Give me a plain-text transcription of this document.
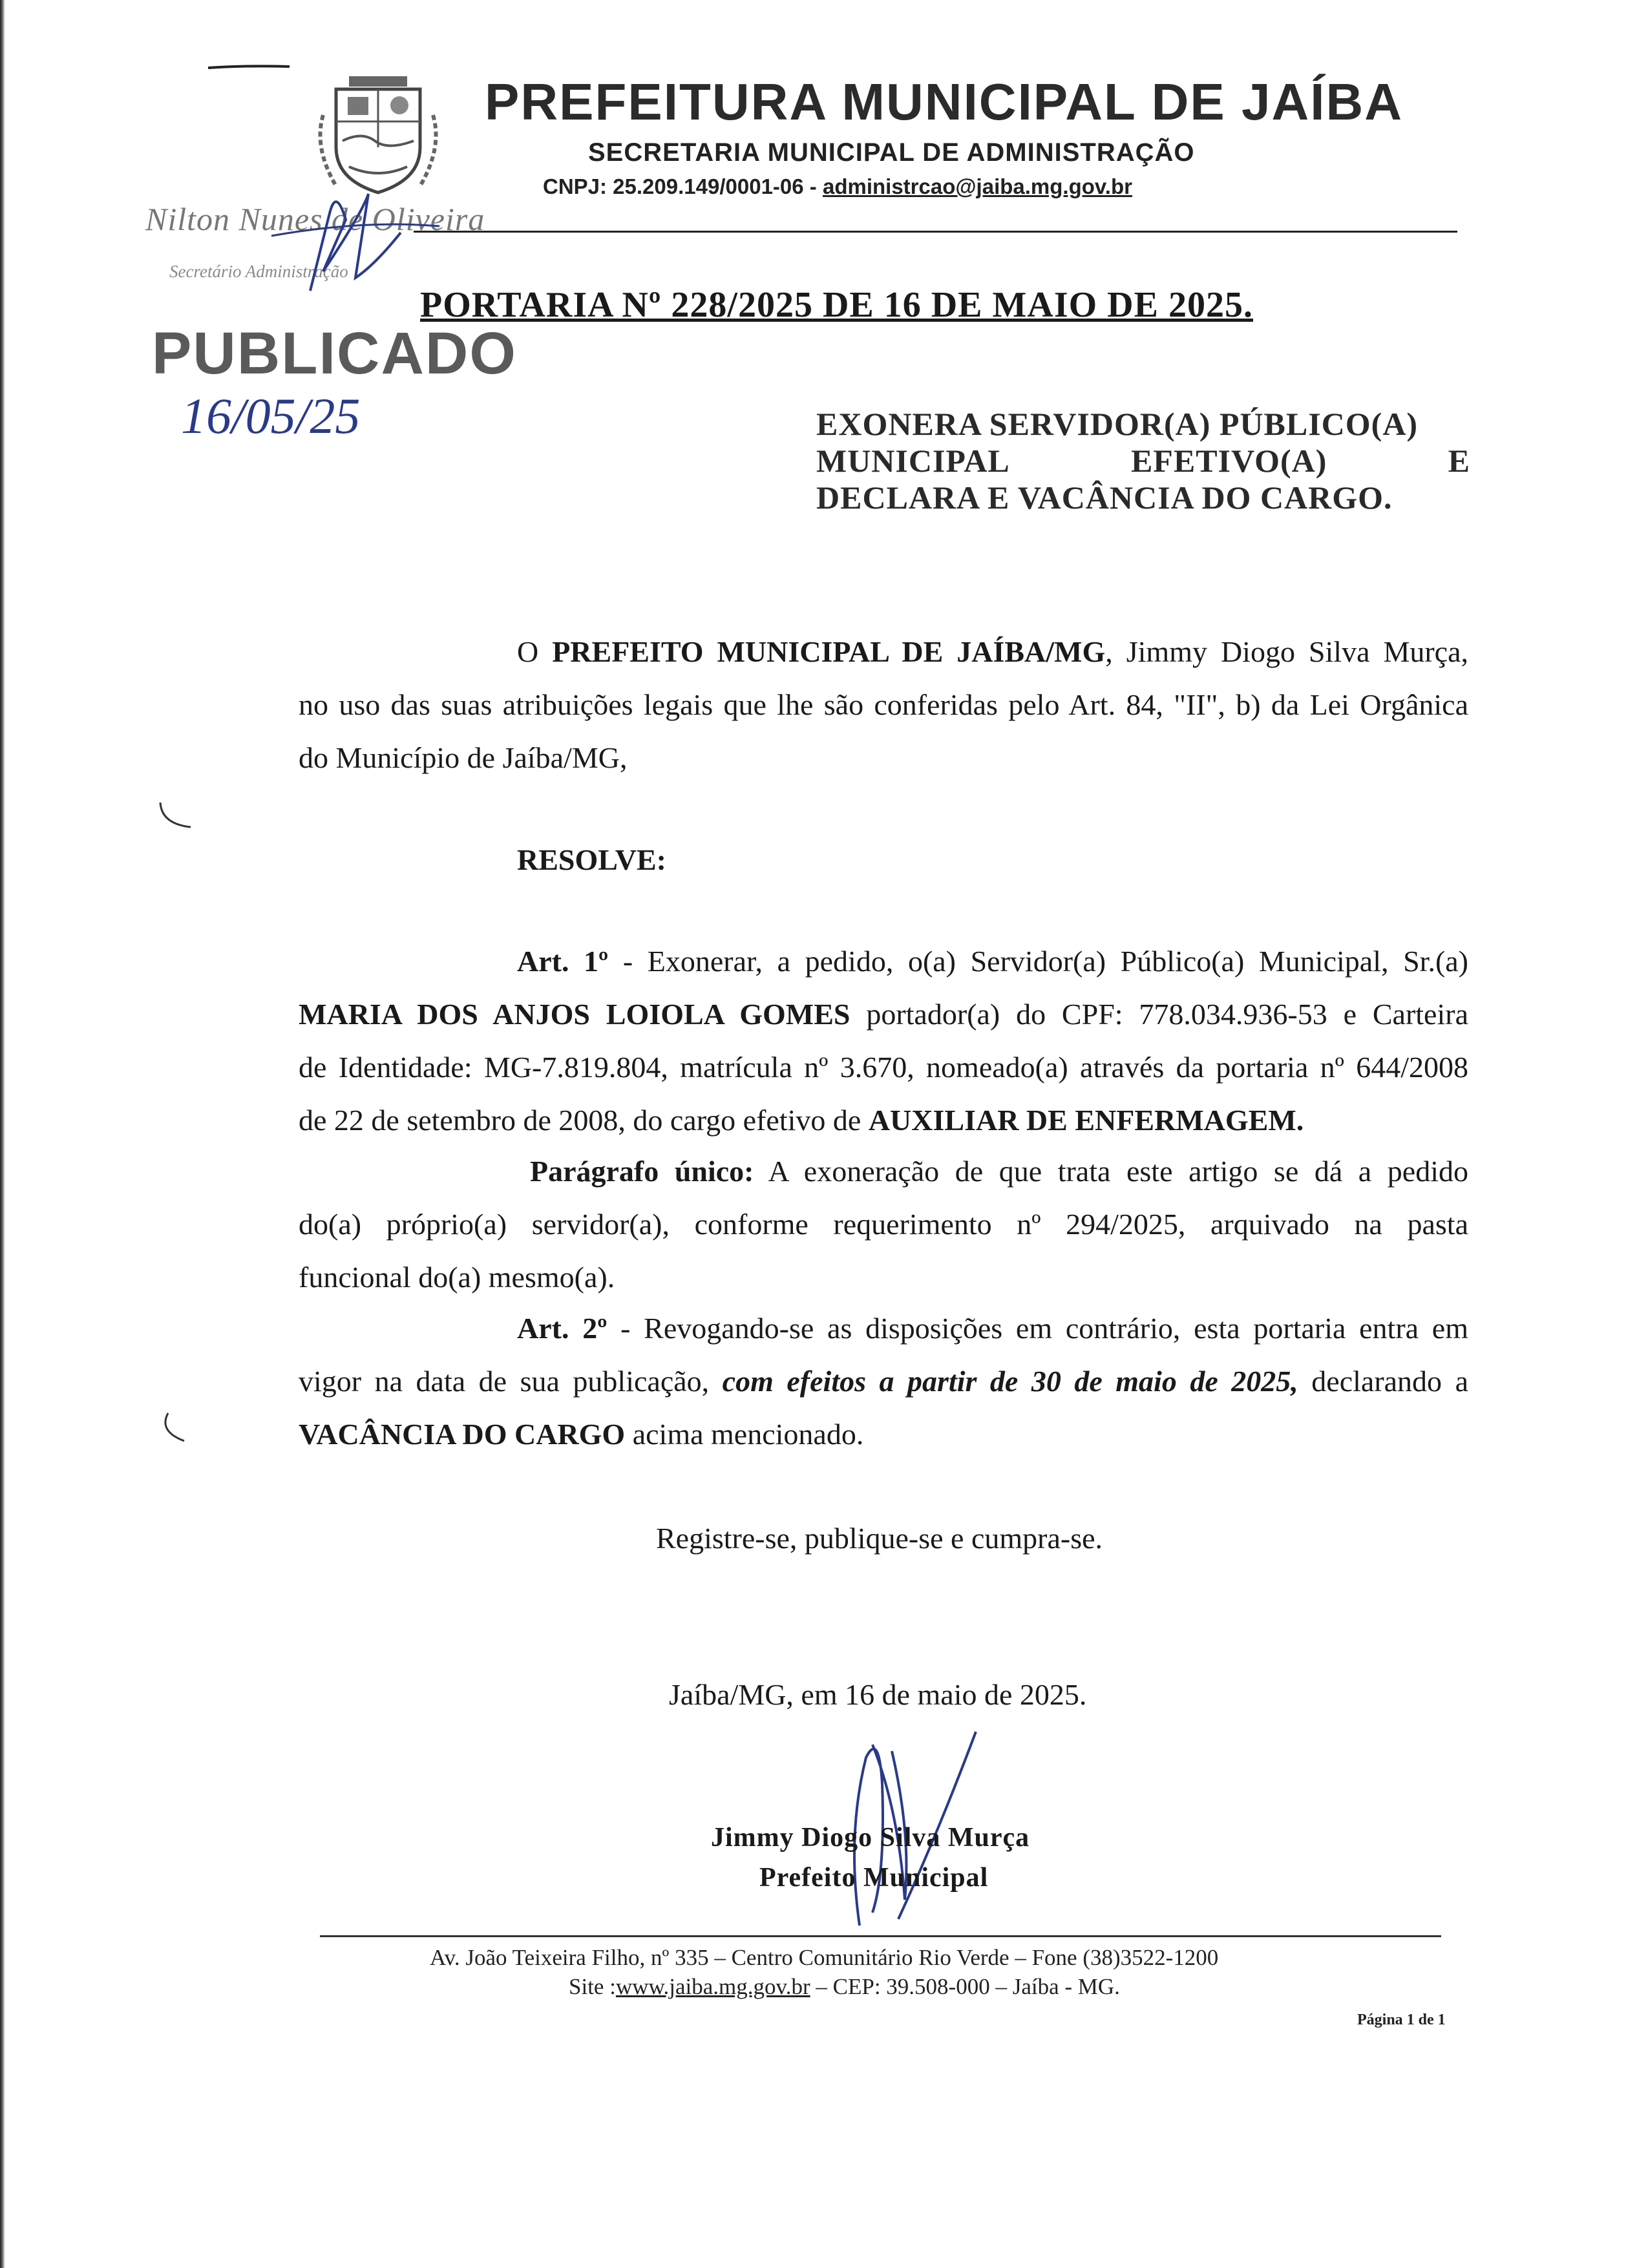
PREFEITURA MUNICIPAL DE JAÍBA
SECRETARIA MUNICIPAL DE ADMINISTRAÇÃO
CNPJ: 25.209.149/0001-06 - administrcao@jaiba.mg.gov.br
Nilton Nunes de Oliveira
Secretário Administração
PUBLICADO
16/05/25
PORTARIA Nº 228/2025 DE 16 DE MAIO DE 2025.
EXONERA SERVIDOR(A) PÚBLICO(A)
MUNICIPAL	EFETIVO(A)	E
DECLARA E VACÂNCIA DO CARGO.
O PREFEITO MUNICIPAL DE JAÍBA/MG, Jimmy Diogo Silva Murça,
no uso das suas atribuições legais que lhe são conferidas pelo Art. 84, "II", b) da Lei Orgânica
do Município de Jaíba/MG,
RESOLVE:
Art. 1º - Exonerar, a pedido, o(a) Servidor(a) Público(a) Municipal, Sr.(a)
MARIA DOS ANJOS LOIOLA GOMES portador(a) do CPF: 778.034.936-53 e Carteira
de Identidade: MG-7.819.804, matrícula nº 3.670, nomeado(a) através da portaria nº 644/2008
de 22 de setembro de 2008, do cargo efetivo de AUXILIAR DE ENFERMAGEM.
Parágrafo único: A exoneração de que trata este artigo se dá a pedido
do(a) próprio(a) servidor(a), conforme requerimento nº 294/2025, arquivado na pasta
funcional do(a) mesmo(a).
Art. 2º - Revogando-se as disposições em contrário, esta portaria entra em
vigor na data de sua publicação, com efeitos a partir de 30 de maio de 2025, declarando a
VACÂNCIA DO CARGO acima mencionado.
Registre-se, publique-se e cumpra-se.
Jaíba/MG, em 16 de maio de 2025.
Jimmy Diogo Silva Murça
Prefeito Municipal
Av. João Teixeira Filho, nº 335 – Centro Comunitário Rio Verde – Fone (38)3522-1200
Site :www.jaiba.mg.gov.br – CEP: 39.508-000 – Jaíba - MG.
Página 1 de 1
